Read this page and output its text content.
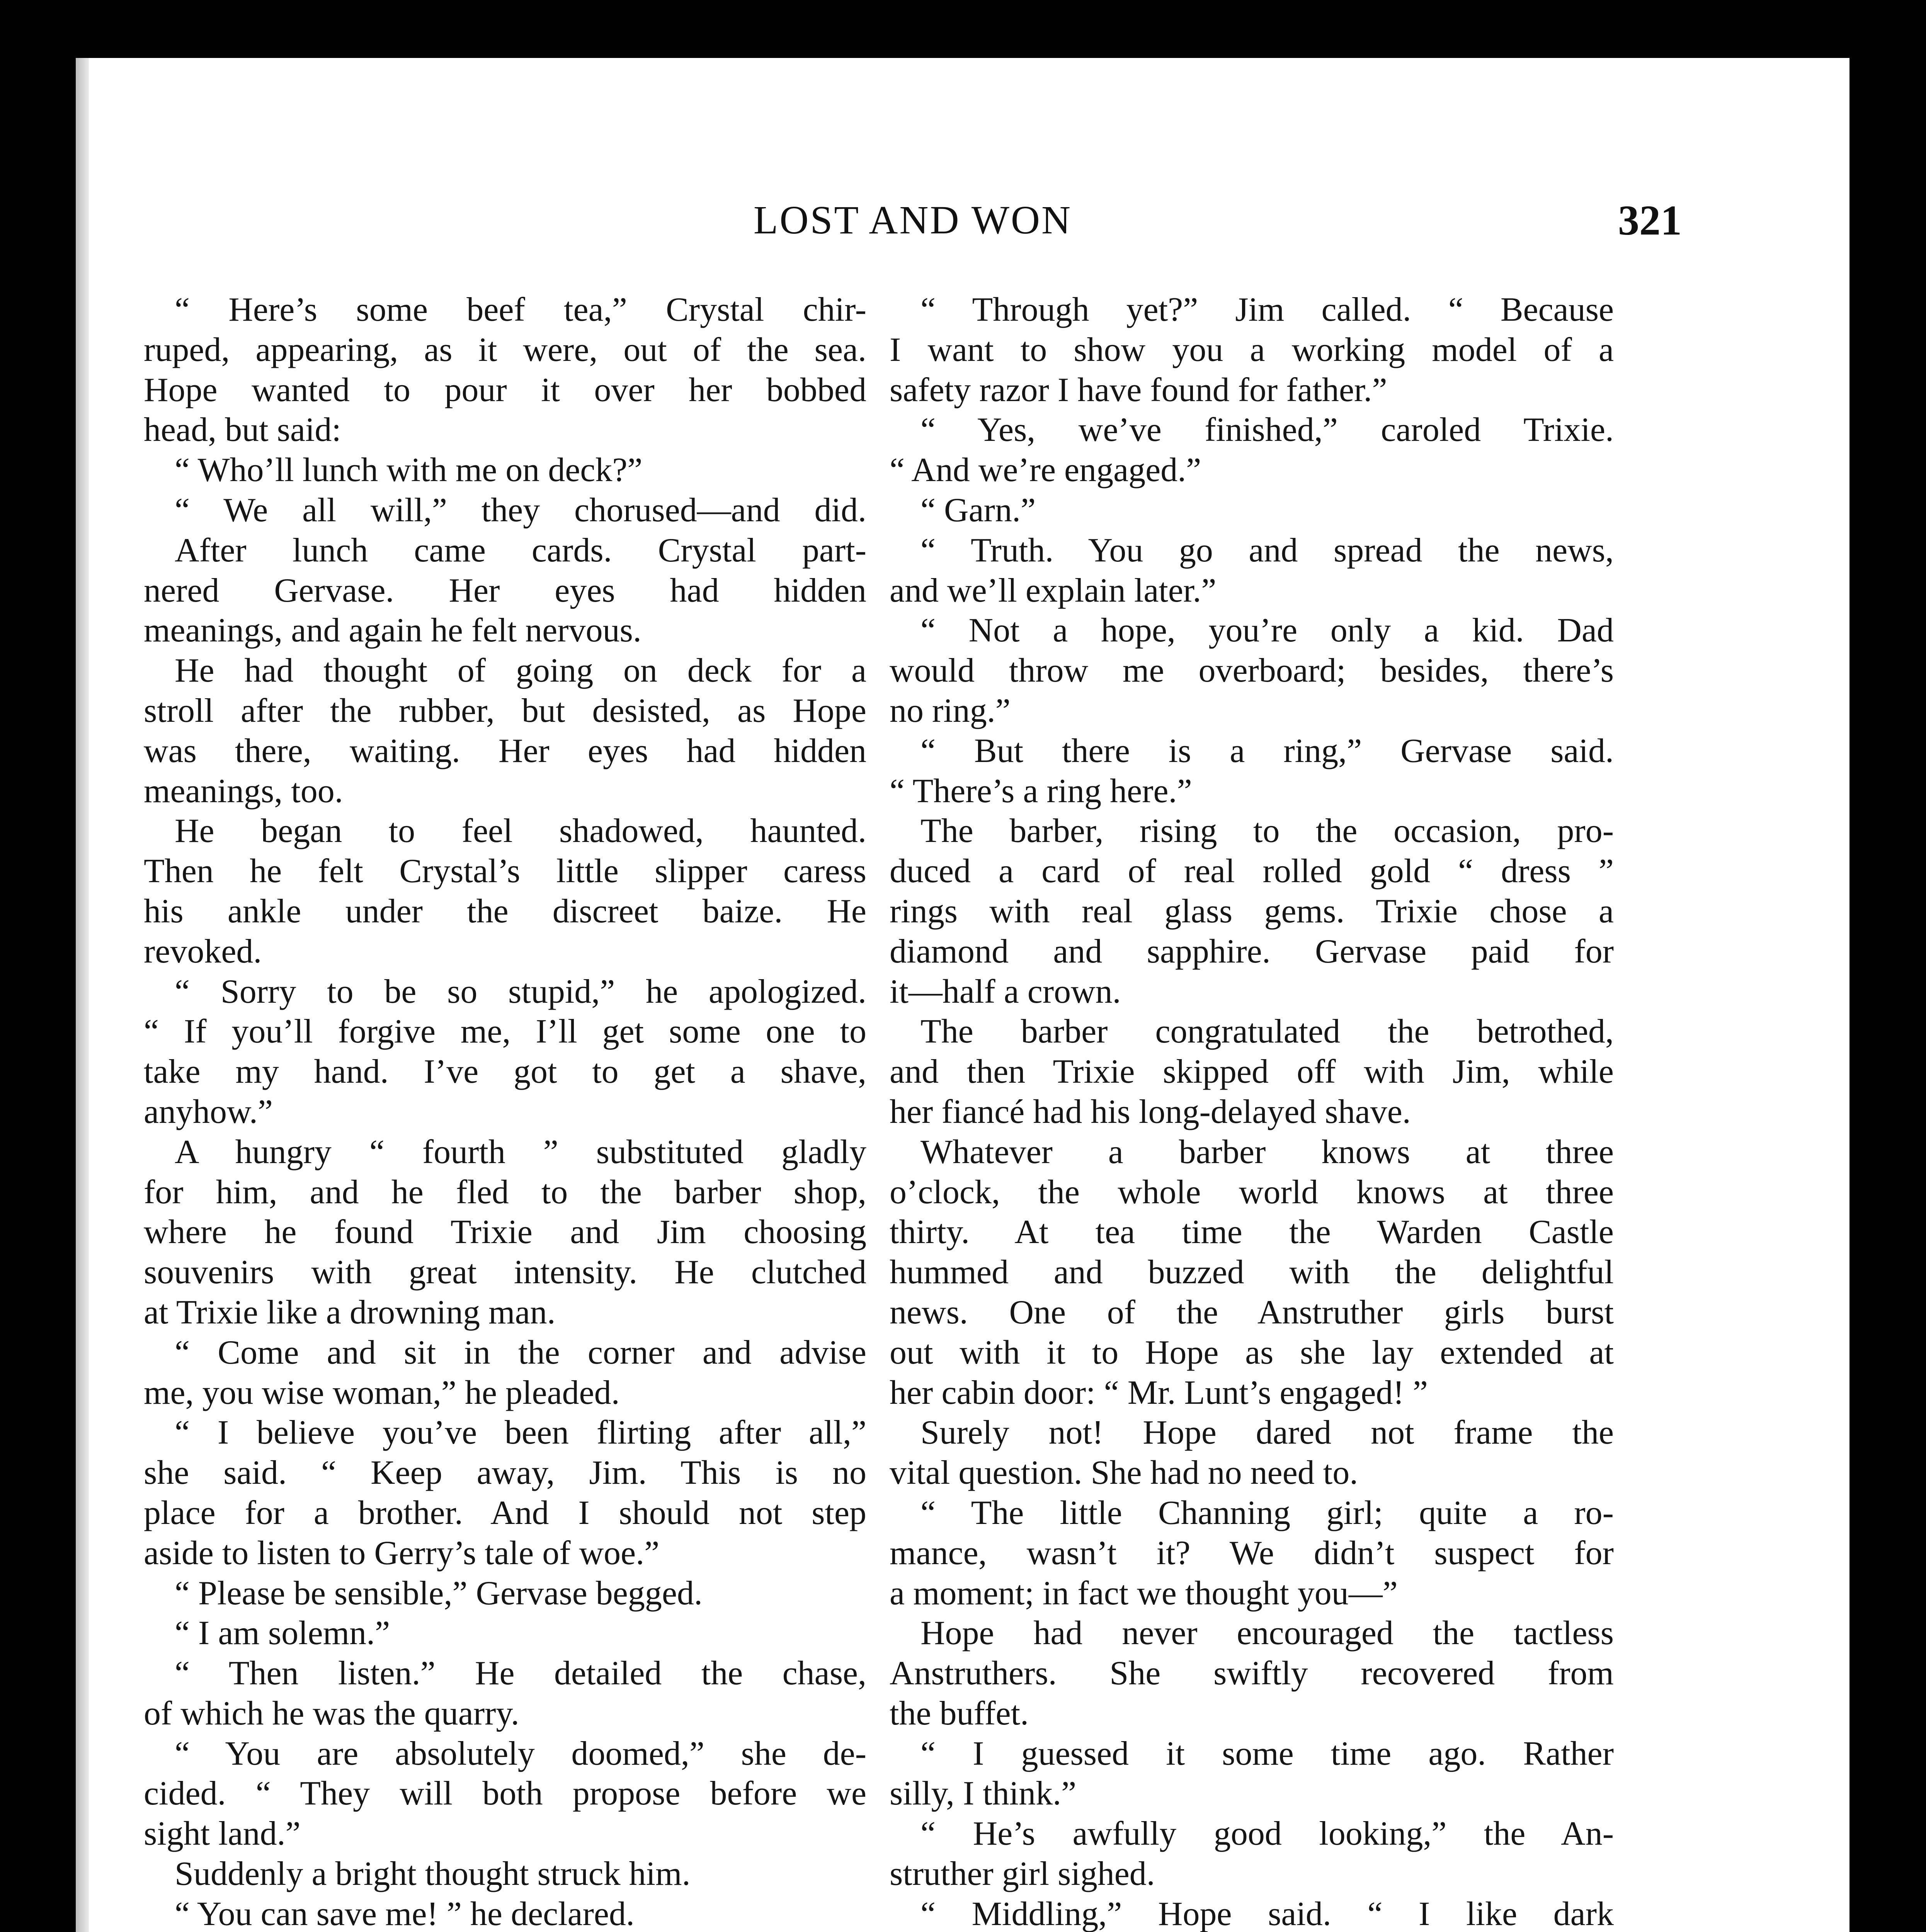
LOST AND WON	321
“ Here’s some beef tea,” Crystal chir-
ruped, appearing, as it were, out of the sea.
Hope wanted to pour it over her bobbed
head, but said:
“ Who’ll lunch with me on deck?”
“ We all will,” they chorused—and did.
After lunch came cards. Crystal part-
nered Gervase. Her eyes had hidden
meanings, and again he felt nervous.
He had thought of going on deck for a
stroll after the rubber, but desisted, as Hope
was there, waiting. Her eyes had hidden
meanings, too.
He began to feel shadowed, haunted.
Then he felt Crystal’s little slipper caress
his ankle under the discreet baize. He
revoked.
“ Sorry to be so stupid,” he apologized.
“ If you’ll forgive me, I’ll get some one to
take my hand. I’ve got to get a shave,
anyhow.”
A hungry “ fourth ” substituted gladly
for him, and he fled to the barber shop,
where he found Trixie and Jim choosing
souvenirs with great intensity. He clutched
at Trixie like a drowning man.
“ Come and sit in the corner and advise
me, you wise woman,” he pleaded.
“ I believe you’ve been flirting after all,”
she said. “ Keep away, Jim. This is no
place for a brother. And I should not step
aside to listen to Gerry’s tale of woe.”
“ Please be sensible,” Gervase begged.
“ I am solemn.”
“ Then listen.” He detailed the chase,
of which he was the quarry.
“ You are absolutely doomed,” she de-
cided. “ They will both propose before we
sight land.”
Suddenly a bright thought struck him.
“ You can save me! ” he declared.
“ Through yet?” Jim called. “ Because
I want to show you a working model of a
safety razor I have found for father.”
“ Yes, we’ve finished,” caroled Trixie.
“ And we’re engaged.”
“ Garn.”
“ Truth. You go and spread the news,
and we’ll explain later.”
“ Not a hope, you’re only a kid. Dad
would throw me overboard; besides, there’s
no ring.”
“ But there is a ring,” Gervase said.
“ There’s a ring here.”
The barber, rising to the occasion, pro-
duced a card of real rolled gold “ dress ”
rings with real glass gems. Trixie chose a
diamond and sapphire. Gervase paid for
it—half a crown.
The barber congratulated the betrothed,
and then Trixie skipped off with Jim, while
her fiancé had his long-delayed shave.
Whatever a barber knows at three
o’clock, the whole world knows at three
thirty. At tea time the Warden Castle
hummed and buzzed with the delightful
news. One of the Anstruther girls burst
out with it to Hope as she lay extended at
her cabin door: “ Mr. Lunt’s engaged! ”
Surely not! Hope dared not frame the
vital question. She had no need to.
“ The little Channing girl; quite a ro-
mance, wasn’t it? We didn’t suspect for
a moment; in fact we thought you—”
Hope had never encouraged the tactless
Anstruthers. She swiftly recovered from
the buffet.
“ I guessed it some time ago. Rather
silly, I think.”
“ He’s awfully good looking,” the An-
struther girl sighed.
“ Middling,” Hope said. “ I like dark
